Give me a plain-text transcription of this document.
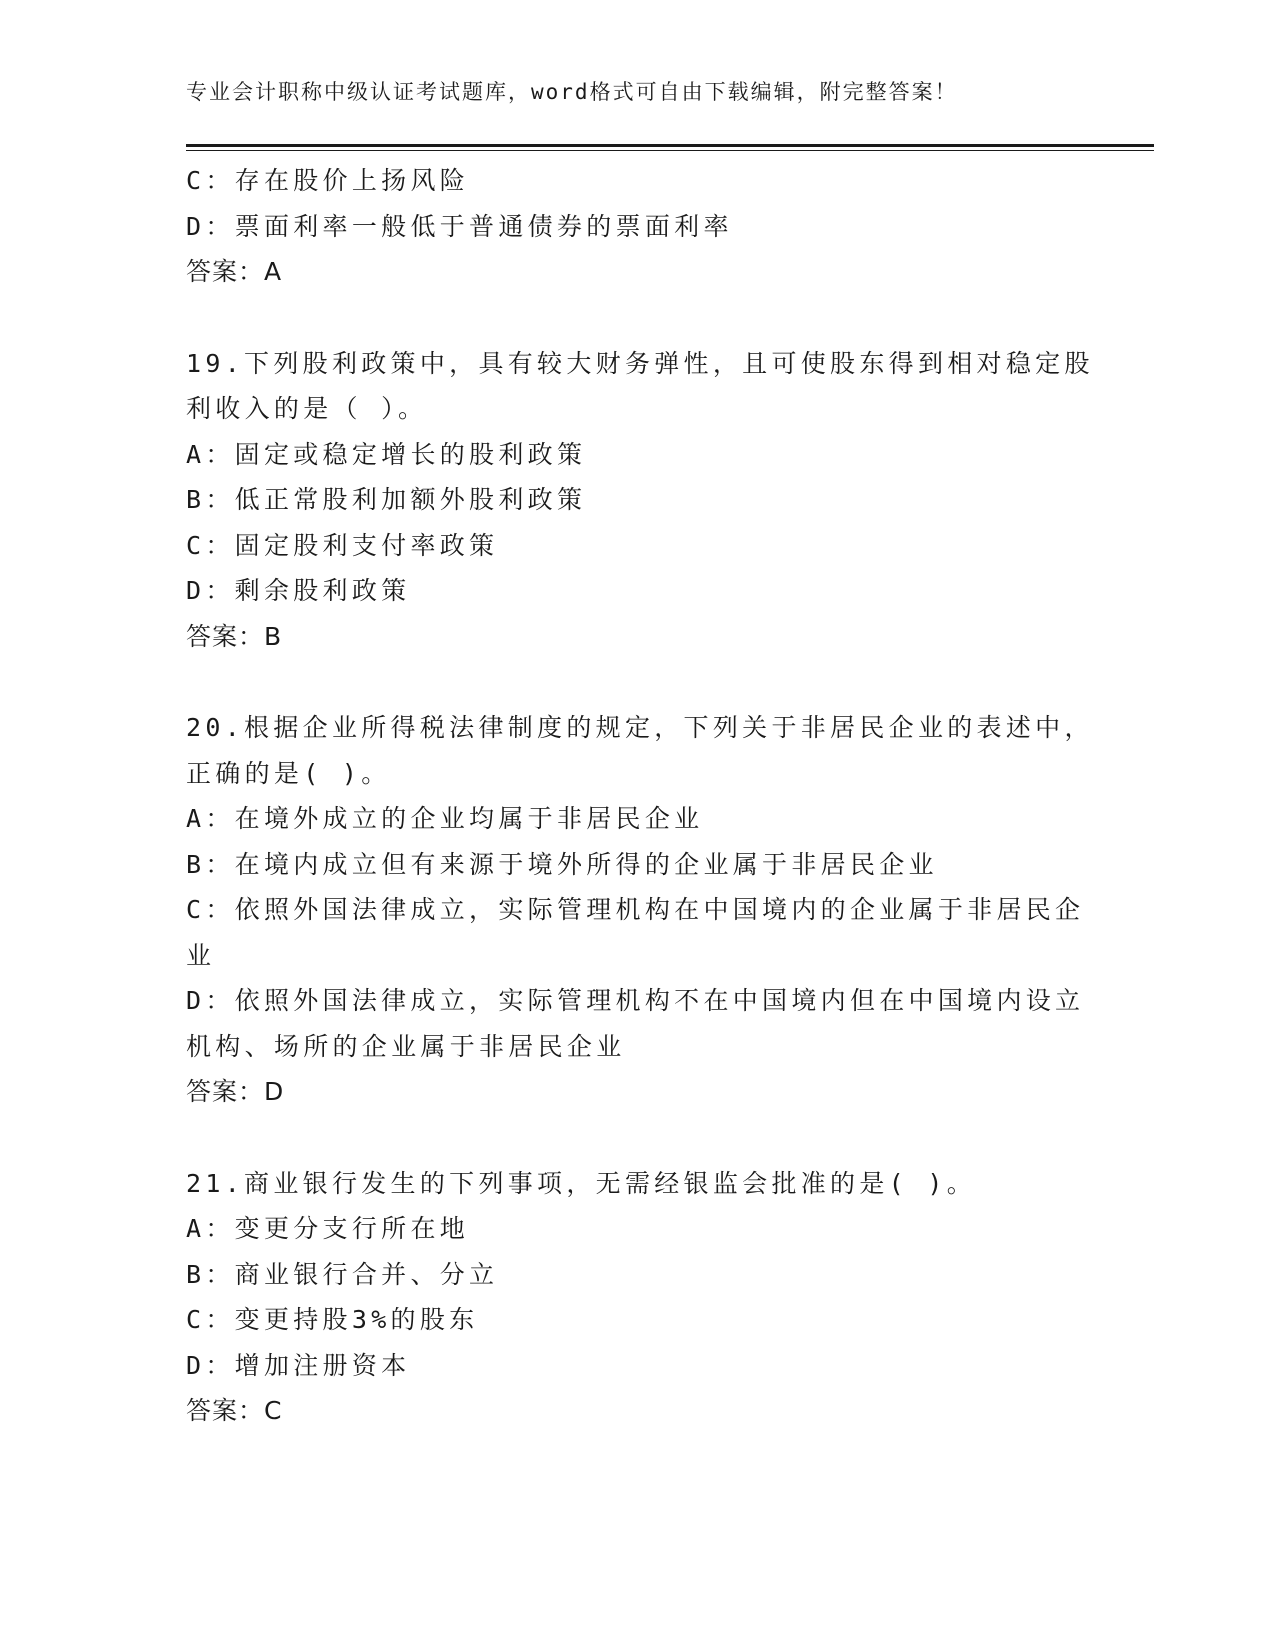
专业会计职称中级认证考试题库，word格式可自由下载编辑，附完整答案！
C：存在股价上扬风险
D：票面利率一般低于普通债券的票面利率
答案：A
19.下列股利政策中，具有较大财务弹性，且可使股东得到相对稳定股
利收入的是（ ）。
A：固定或稳定增长的股利政策
B：低正常股利加额外股利政策
C：固定股利支付率政策
D：剩余股利政策
答案：B
20.根据企业所得税法律制度的规定，下列关于非居民企业的表述中，
正确的是( )。
A：在境外成立的企业均属于非居民企业
B：在境内成立但有来源于境外所得的企业属于非居民企业
C：依照外国法律成立，实际管理机构在中国境内的企业属于非居民企
业
D：依照外国法律成立，实际管理机构不在中国境内但在中国境内设立
机构、场所的企业属于非居民企业
答案：D
21.商业银行发生的下列事项，无需经银监会批准的是( )。
A：变更分支行所在地
B：商业银行合并、分立
C：变更持股3%的股东
D：增加注册资本
答案：C
